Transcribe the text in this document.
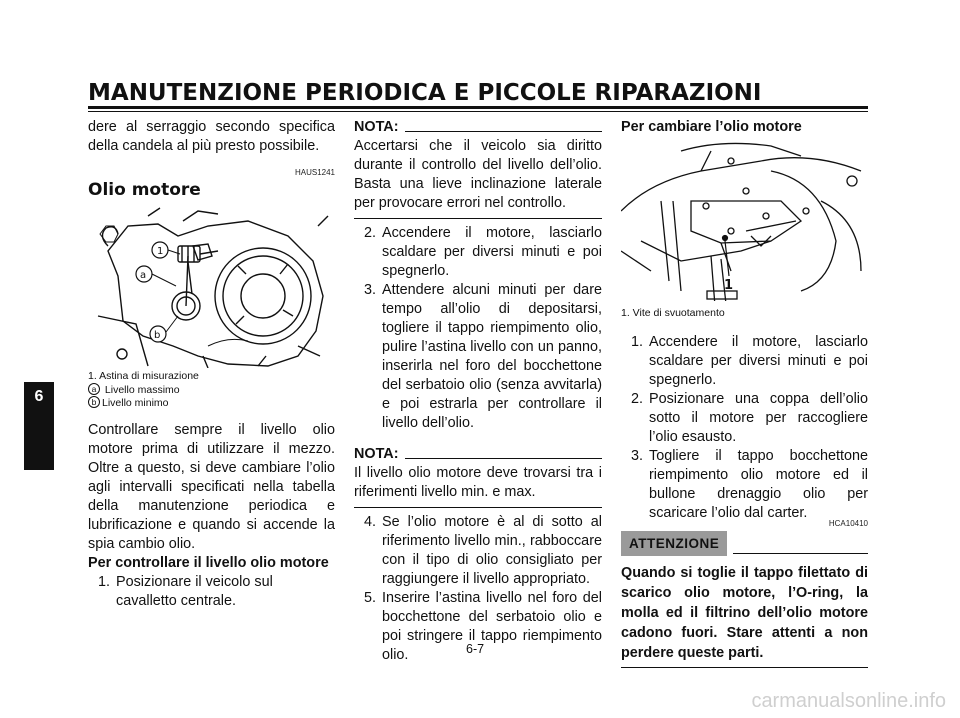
MANUTENZIONE PERIODICA E PICCOLE RIPARAZIONI
6

dere al serraggio secondo specifica della candela al più presto possibile.

HAUS1241
Olio motore
1
a
b
1. Astina di misurazione
a Livello massimo
b Livello minimo

Controllare sempre il livello olio motore prima di utilizzare il mezzo. Oltre a questo, si deve cambiare l’olio agli intervalli specificati nella tabella della manutenzione periodica e lubrificazione e quando si accende la spia cambio olio.

Per controllare il livello olio motore

1. Posizionare il veicolo sul cavalletto centrale.
NOTA:

Accertarsi che il veicolo sia diritto durante il controllo del livello dell’olio. Basta una lieve inclinazione laterale per provocare errori nel controllo.

2. Accendere il motore, lasciarlo scaldare per diversi minuti e poi spegnerlo.
3. Attendere alcuni minuti per dare tempo all’olio di depositarsi, togliere il tappo riempimento olio, pulire l’astina livello con un panno, inserirla nel foro del bocchettone del serbatoio olio (senza avvitarla) e poi estrarla per controllare il livello dell’olio.
NOTA:

Il livello olio motore deve trovarsi tra i riferimenti livello min. e max.

4. Se l’olio motore è al di sotto al riferimento livello min., rabboccare con il tipo di olio consigliato per raggiungere il livello appropriato.
5. Inserire l’astina livello nel foro del bocchettone del serbatoio olio e poi stringere il tappo riempimento olio.

Per cambiare l’olio motore

1
1. Vite di svuotamento
1. Accendere il motore, lasciarlo scaldare per diversi minuti e poi spegnerlo.
2. Posizionare una coppa dell’olio sotto il motore per raccogliere l’olio esausto.
3. Togliere il tappo bocchettone riempimento olio motore ed il bullone drenaggio olio per scaricare l’olio dal carter.
HCA10410
ATTENZIONE

Quando si toglie il tappo filettato di scarico olio motore, l’O-ring, la molla ed il filtrino dell’olio motore cadono fuori. Stare attenti a non perdere queste parti.

6-7
carmanualsonline.info
